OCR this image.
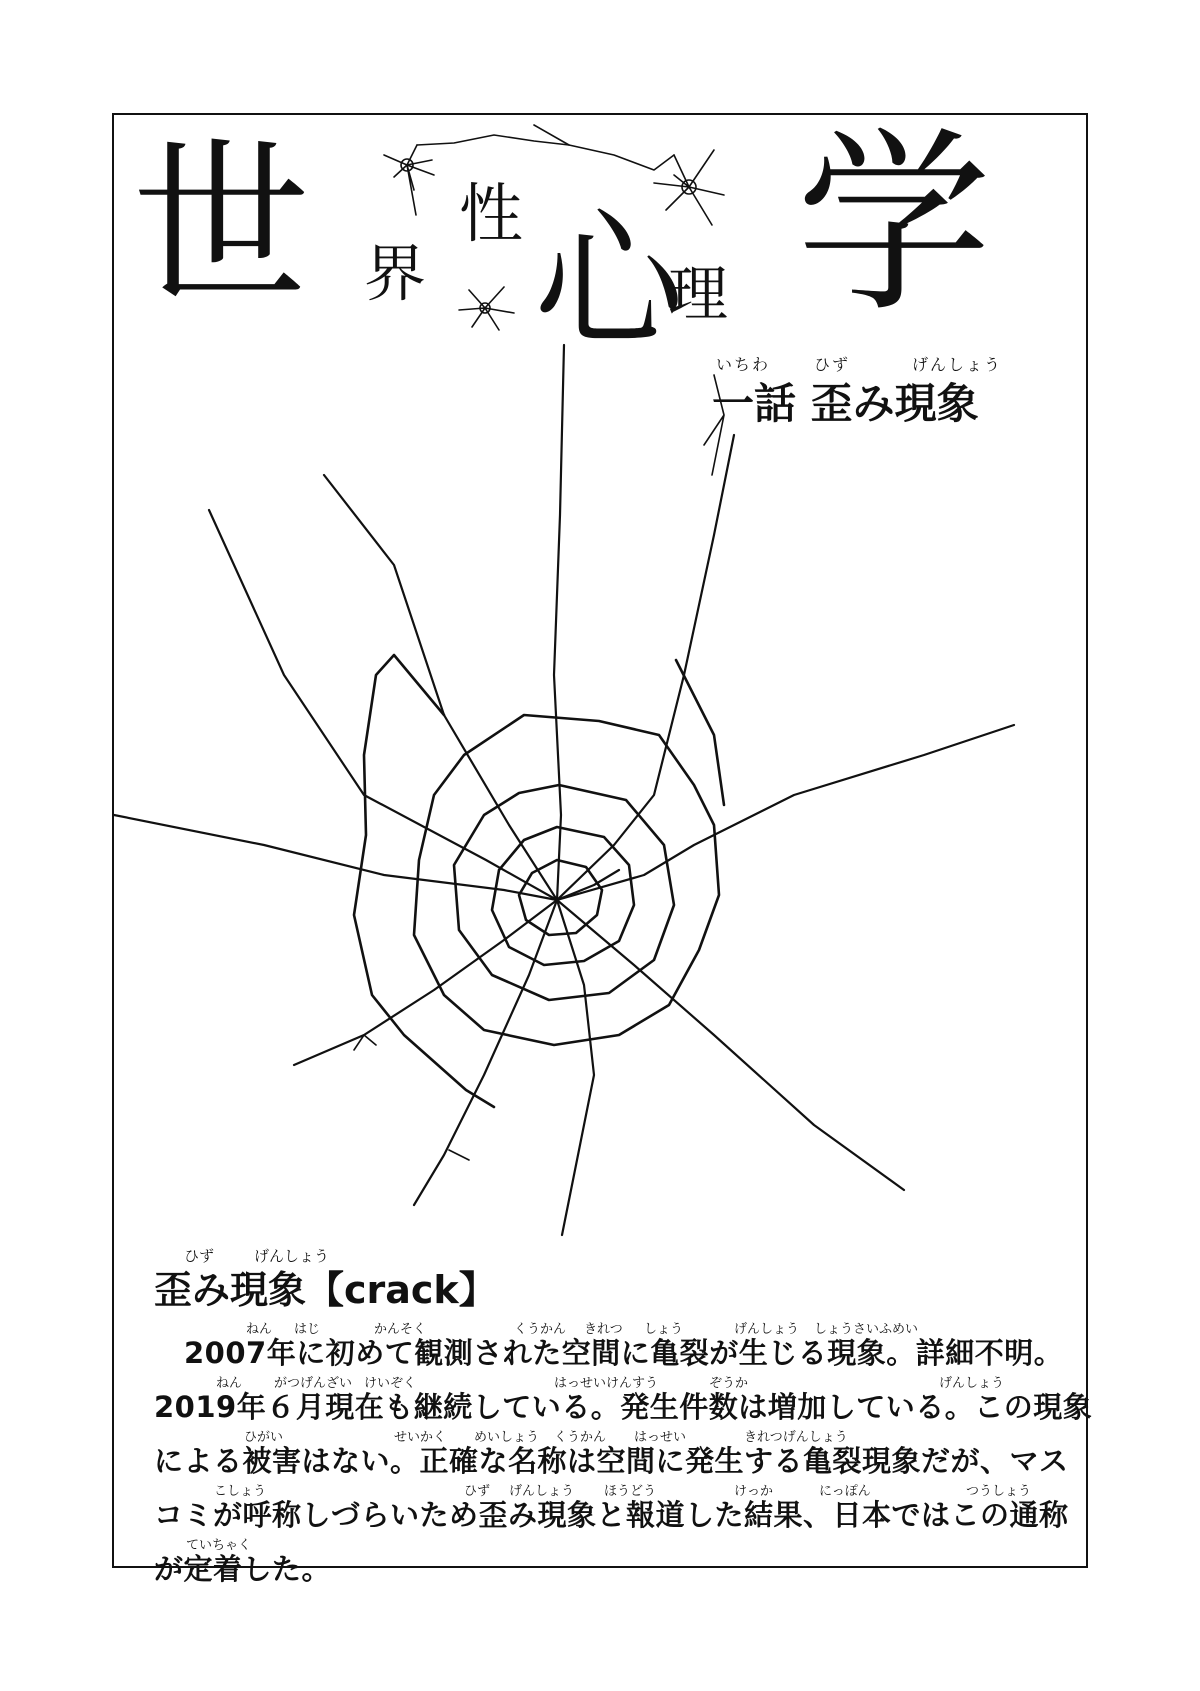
世 界
性 心
理 学
いちわ	ひず	げんしょう
一話 歪み現象
ひず	げんしょう
歪み現象【crack】
ねん はじ	かんそく	くうかん きれつ しょう	げんしょう しょうさいふめい
2007年に初めて観測された空間に亀裂が生じる現象。詳細不明。
ねん がつげんざい けいぞく	はっせいけんすう	ぞうか	げんしょう
2019年６月現在も継続している。発生件数は増加している。この現象
ひがい	せいかく めいしょう くうかん はっせい	きれつげんしょう
による被害はない。正確な名称は空間に発生する亀裂現象だが、マス
こしょう	ひず げんしょう ほうどう	けっか	にっぽん	つうしょう
コミが呼称しづらいため歪み現象と報道した結果、日本ではこの通称
ていちゃく
が定着した。
